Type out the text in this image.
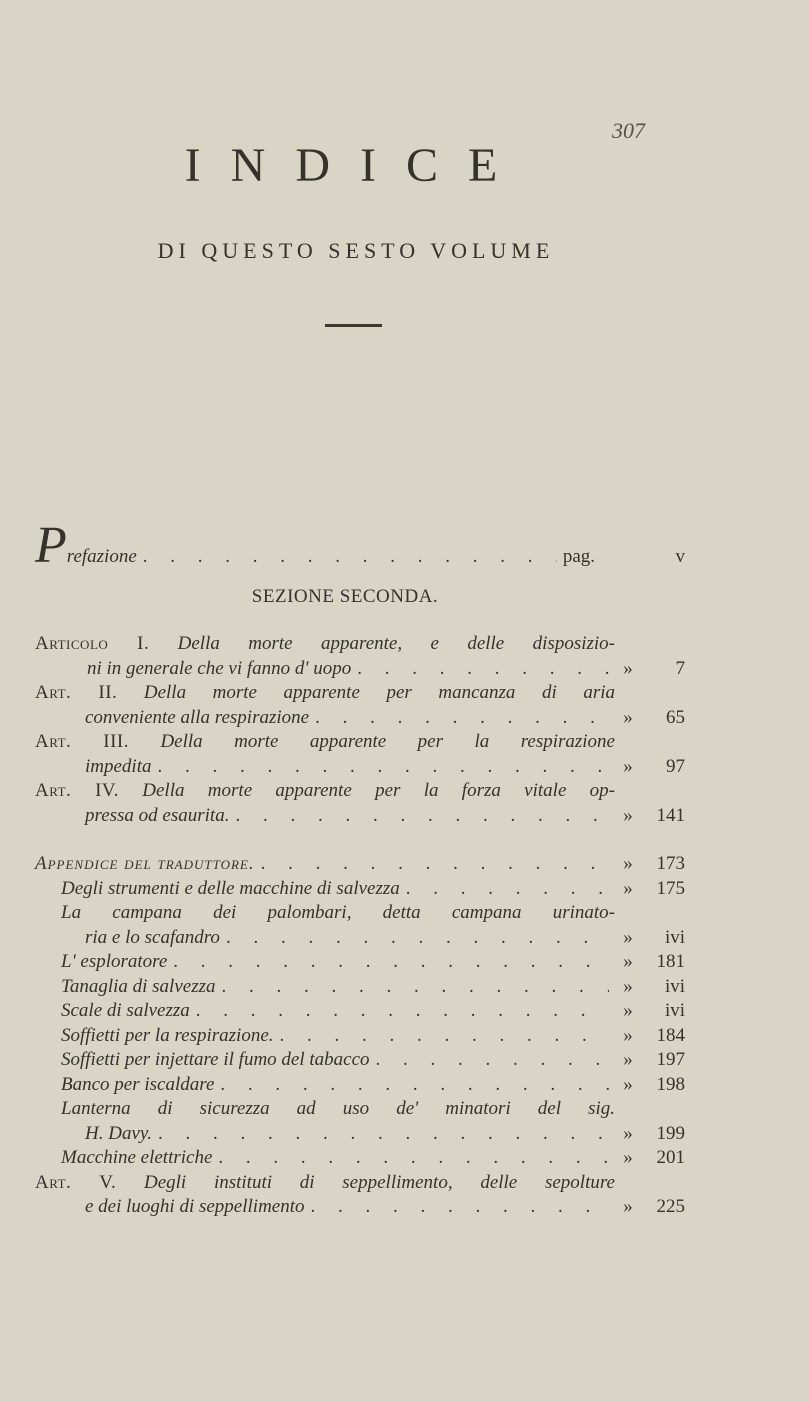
307
INDICE
DI QUESTO SESTO VOLUME
P refazione . . .	pag.	v
SEZIONE SECONDA.
Articolo I. Della morte apparente, e delle disposizio-
ni in generale che vi fanno d' uopo . . .	»	7
Art. II. Della morte apparente per mancanza di aria
conveniente alla respirazione . . .	»	65
Art. III. Della morte apparente per la respirazione
impedita . . .	»	97
Art. IV. Della morte apparente per la forza vitale op-
pressa od esaurita. . . .	»	141
Appendice del traduttore. . . .	»	173
Degli strumenti e delle macchine di salvezza . . .	»	175
La campana dei palombari, detta campana urinato-
ria e lo scafandro . . .	»	ivi
L' esploratore . . .	»	181
Tanaglia di salvezza . . .	»	ivi
Scale di salvezza . . .	»	ivi
Soffietti per la respirazione. . . .	»	184
Soffietti per injettare il fumo del tabacco . . .	»	197
Banco per iscaldare . . .	»	198
Lanterna di sicurezza ad uso de' minatori del sig.
H. Davy. . . .	»	199
Macchine elettriche . . .	»	201
Art. V. Degli instituti di seppellimento, delle sepolture
e dei luoghi di seppellimento . . .	»	225
